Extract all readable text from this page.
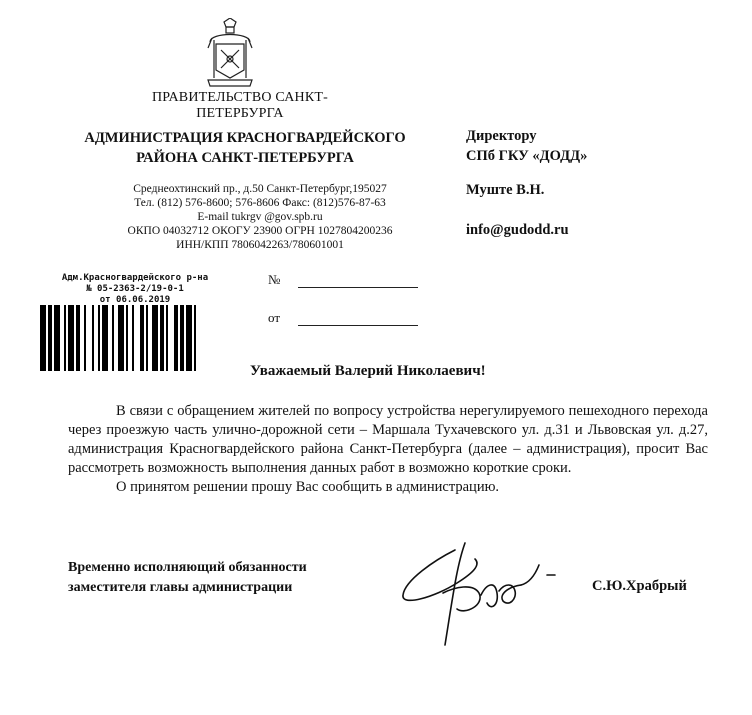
ПРАВИТЕЛЬСТВО САНКТ-ПЕТЕРБУРГА
АДМИНИСТРАЦИЯ КРАСНОГВАРДЕЙСКОГО
РАЙОНА САНКТ-ПЕТЕРБУРГА
Среднеохтинский пр., д.50 Санкт-Петербург,195027
Тел. (812) 576-8600; 576-8606 Факс: (812)576-87-63
E-mail tukrgv @gov.spb.ru
ОКПО 04032712 ОКОГУ 23900 ОГРН 1027804200236
ИНН/КПП 7806042263/780601001
Директору
СПб ГКУ «ДОДД»
Муште В.Н.
info@gudodd.ru
Адм.Красногвардейского р-на
№ 05-2363-2/19-0-1
от 06.06.2019
№
от
Уважаемый Валерий Николаевич!

В связи с обращением жителей по вопросу устройства нерегулируемого пешеходного перехода через проезжую часть улично-дорожной сети – Маршала Тухачевского ул. д.31 и Львовская ул. д.27, администрация Красногвардейского района Санкт-Петербурга (далее – администрация), просит Вас рассмотреть возможность выполнения данных работ в возможно короткие сроки.

О принятом решении прошу Вас сообщить в администрацию.

Временно исполняющий обязанности
заместителя главы администрации	С.Ю.Храбрый
